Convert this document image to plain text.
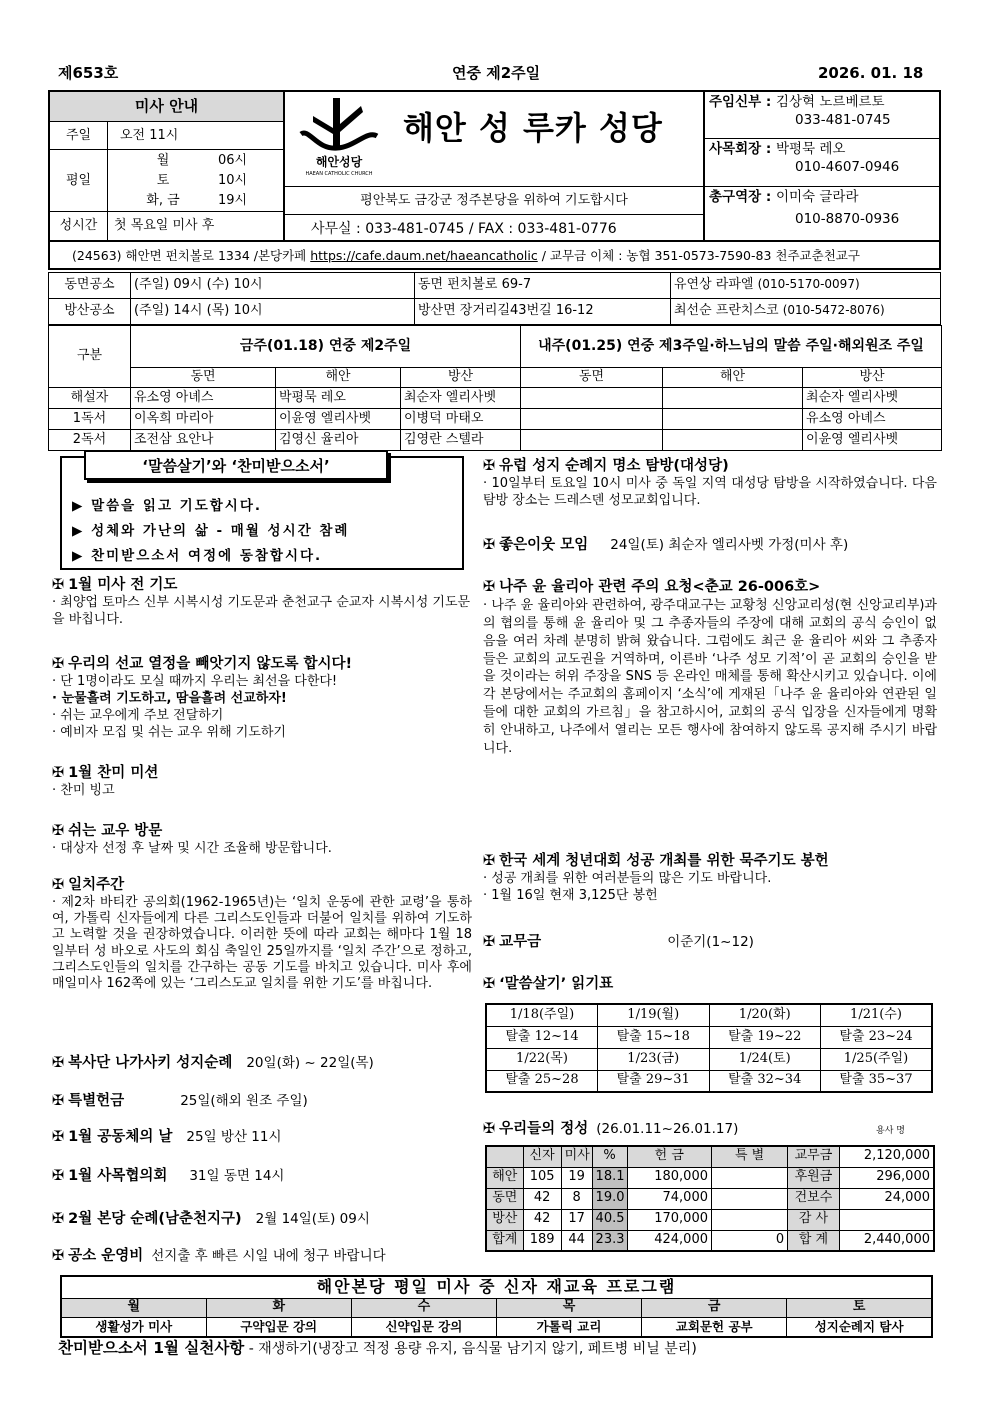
제653호	연중 제2주일	2026. 01. 18
미사 안내
주일	오전 11시
평일
월	06시
토	10시
화, 금	19시
성시간	첫 목요일 미사 후
해안성당
HAEAN CATHOLIC CHURCH
해안 성 루카 성당
평안북도 금강군 정주본당을 위하여 기도합시다
사무실 : 033-481-0745 / FAX : 033-481-0776
주임신부 : 김상혁 노르베르토
033-481-0745
사목회장 : 박평묵 레오
010-4607-0946
총구역장 : 이미숙 글라라
010-8870-0936
(24563) 해안면 펀치볼로 1334 /본당카페 https://cafe.daum.net/haeancatholic / 교무금 이체 : 농협 351-0573-7590-83 천주교춘천교구
동면공소	(주일) 09시 (수) 10시	동면 펀치볼로 69-7	유연상 라파엘 (010-5170-0097)
방산공소	(주일) 14시 (목) 10시	방산면 장거리길43번길 16-12	최선순 프란치스코 (010-5472-8076)
구분	금주(01.18) 연중 제2주일			내주(01.25) 연중 제3주일·하느님의 말씀 주일·해외원조 주일		
	동면	해안	방산	동면	해안	방산
해설자	유소영 아녜스	박평묵 레오	최순자 엘리사벳			최순자 엘리사벳
1독서	이옥희 마리아	이윤영 엘리사벳	이병덕 마태오			유소영 아녜스
2독서	조전삼 요안나	김영신 율리아	김영란 스텔라			이윤영 엘리사벳
‘말씀살기’와 ‘찬미받으소서’
▶ 말씀을 읽고 기도합시다.
▶ 성체와 가난의 삶 - 매월 성시간 참례
▶ 찬미받으소서 여정에 동참합시다.
✠ 1월 미사 전 기도

· 최양업 토마스 신부 시복시성 기도문과 춘천교구 순교자 시복시성 기도문을 바칩니다.

✠ 우리의 선교 열정을 빼앗기지 않도록 합시다!

· 단 1명이라도 모실 때까지 우리는 최선을 다한다!

· 눈물흘려 기도하고, 땀을흘려 선교하자!

· 쉬는 교우에게 주보 전달하기

· 예비자 모집 및 쉬는 교우 위해 기도하기

✠ 1월 찬미 미션

· 찬미 빙고

✠ 쉬는 교우 방문

· 대상자 선정 후 날짜 및 시간 조율해 방문합니다.

✠ 일치주간

· 제2차 바티칸 공의회(1962-1965년)는 ‘일치 운동에 관한 교령’을 통하여, 가톨릭 신자들에게 다른 그리스도인들과 더불어 일치를 위하여 기도하고 노력할 것을 권장하였습니다. 이러한 뜻에 따라 교회는 해마다 1월 18일부터 성 바오로 사도의 회심 축일인 25일까지를 ‘일치 주간’으로 정하고, 그리스도인들의 일치를 간구하는 공동 기도를 바치고 있습니다. 미사 후에 매일미사 162쪽에 있는 ‘그리스도교 일치를 위한 기도’를 바칩니다.

✠ 복사단 나가사키 성지순례 20일(화) ~ 22일(목)
✠ 특별헌금	25일(해외 원조 주일)
✠ 1월 공동체의 날 25일 방산 11시
✠ 1월 사목협의회 31일 동면 14시
✠ 2월 본당 순례(남춘천지구) 2월 14일(토) 09시
✠ 공소 운영비 선지출 후 빠른 시일 내에 청구 바랍니다
✠ 유럽 성지 순례지 명소 탐방(대성당)

· 10일부터 토요일 10시 미사 중 독일 지역 대성당 탐방을 시작하였습니다. 다음 탐방 장소는 드레스덴 성모교회입니다.

✠ 좋은이웃 모임 24일(토) 최순자 엘리사벳 가정(미사 후)
✠ 나주 윤 율리아 관련 주의 요청<춘교 26-006호>

· 나주 윤 율리아와 관련하여, 광주대교구는 교황청 신앙교리성(현 신앙교리부)과의 협의를 통해 윤 율리아 및 그 추종자들의 주장에 대해 교회의 공식 승인이 없음을 여러 차례 분명히 밝혀 왔습니다. 그럼에도 최근 윤 율리아 씨와 그 추종자들은 교회의 교도권을 거역하며, 이른바 ‘나주 성모 기적’이 곧 교회의 승인을 받을 것이라는 허위 주장을 SNS 등 온라인 매체를 통해 확산시키고 있습니다. 이에 각 본당에서는 주교회의 홈페이지 ‘소식’에 게재된「나주 윤 율리아와 연관된 일들에 대한 교회의 가르침」을 참고하시어, 교회의 공식 입장을 신자들에게 명확히 안내하고, 나주에서 열리는 모든 행사에 참여하지 않도록 공지해 주시기 바랍니다.

✠ 한국 세계 청년대회 성공 개최를 위한 묵주기도 봉헌

· 성공 개최를 위한 여러분들의 많은 기도 바랍니다.

· 1월 16일 현재 3,125단 봉헌

✠ 교무금	이준기(1~12)
✠ ‘말씀살기’ 읽기표
1/18(주일)	1/19(월)	1/20(화)	1/21(수)
탈출 12~14	탈출 15~18	탈출 19~22	탈출 23~24
1/22(목)	1/23(금)	1/24(토)	1/25(주일)
탈출 25~28	탈출 29~31	탈출 32~34	탈출 35~37
✠ 우리들의 정성 (26.01.11~26.01.17)	용사 명
	신자	미사	%	헌 금	특 별	교무금	2,120,000
해안	105	19	18.1	180,000		후원금	296,000
동면	42	8	19.0	74,000		건보수	24,000
방산	42	17	40.5	170,000		감 사	
합계	189	44	23.3	424,000	0	합 계	2,440,000
해안본당 평일 미사 중 신자 재교육 프로그램					
월	화	수	목	금	토
생활성가 미사	구약입문 강의	신약입문 강의	가톨릭 교리	교회문헌 공부	성지순례지 탐사
찬미받으소서 1월 실천사항 - 재생하기(냉장고 적정 용량 유지, 음식물 남기지 않기, 페트병 비닐 분리)
